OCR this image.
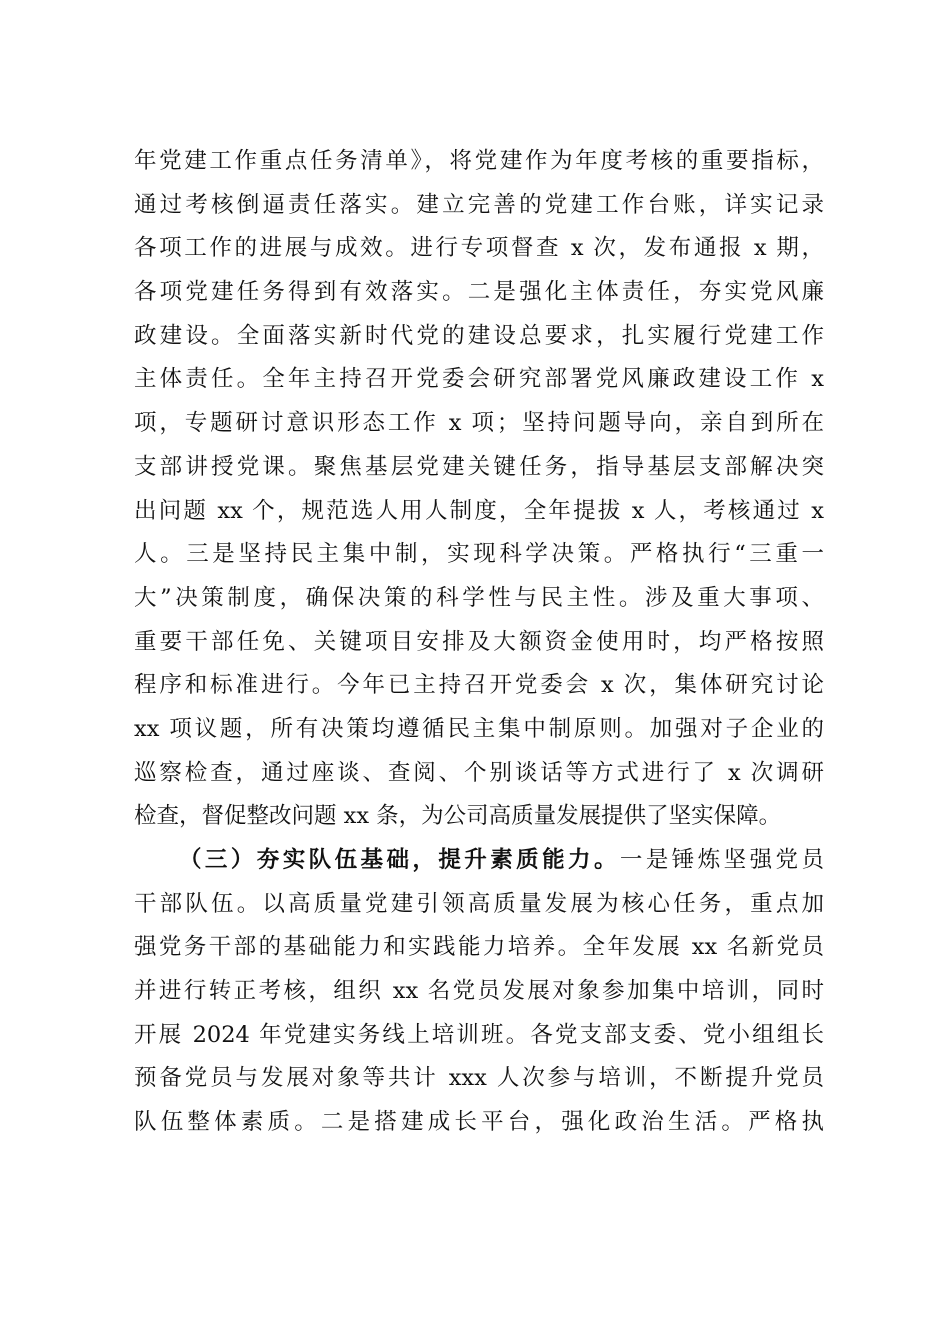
年党建工作重点任务清单》，将党建作为年度考核的重要指标，
通过考核倒逼责任落实。建立完善的党建工作台账，详实记录
各项工作的进展与成效。进行专项督查 x 次，发布通报 x 期，
各项党建任务得到有效落实。二是强化主体责任，夯实党风廉
政建设。全面落实新时代党的建设总要求，扎实履行党建工作
主体责任。全年主持召开党委会研究部署党风廉政建设工作 x
项，专题研讨意识形态工作 x 项；坚持问题导向，亲自到所在
支部讲授党课。聚焦基层党建关键任务，指导基层支部解决突
出问题 xx 个，规范选人用人制度，全年提拔 x 人，考核通过 x
人。三是坚持民主集中制，实现科学决策。严格执行“三重一
大”决策制度，确保决策的科学性与民主性。涉及重大事项、
重要干部任免、关键项目安排及大额资金使用时，均严格按照
程序和标准进行。今年已主持召开党委会 x 次，集体研究讨论
xx 项议题，所有决策均遵循民主集中制原则。加强对子企业的
巡察检查，通过座谈、查阅、个别谈话等方式进行了 x 次调研
检查，督促整改问题 xx 条，为公司高质量发展提供了坚实保障。
（三）夯实队伍基础，提升素质能力。一是锤炼坚强党员
干部队伍。以高质量党建引领高质量发展为核心任务，重点加
强党务干部的基础能力和实践能力培养。全年发展 xx 名新党员
并进行转正考核，组织 xx 名党员发展对象参加集中培训，同时
开展 2024 年党建实务线上培训班。各党支部支委、党小组组长
预备党员与发展对象等共计 xxx 人次参与培训，不断提升党员
队伍整体素质。二是搭建成长平台，强化政治生活。严格执
